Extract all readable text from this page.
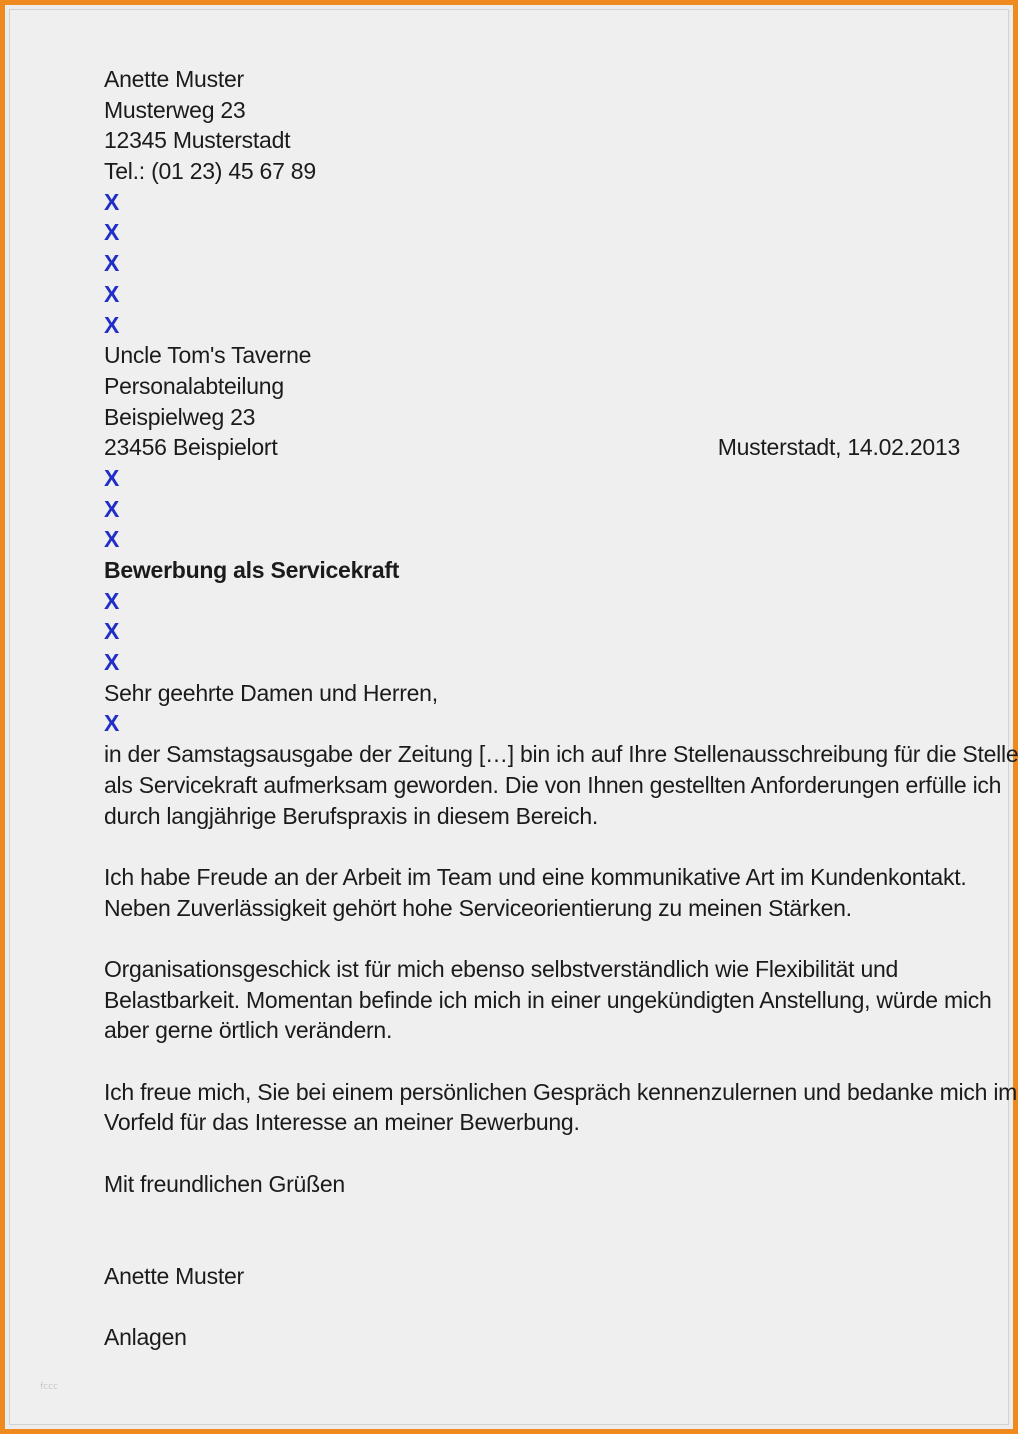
Anette Muster
Musterweg 23
12345 Musterstadt
Tel.: (01 23) 45 67 89
X
X
X
X
X
Uncle Tom's Taverne
Personalabteilung
Beispielweg 23
23456 Beispielort	Musterstadt, 14.02.2013
X
X
X
Bewerbung als Servicekraft
X
X
X
Sehr geehrte Damen und Herren,
X
in der Samstagsausgabe der Zeitung […] bin ich auf Ihre Stellenausschreibung für die Stelle
als Servicekraft aufmerksam geworden. Die von Ihnen gestellten Anforderungen erfülle ich
durch langjährige Berufspraxis in diesem Bereich.
Ich habe Freude an der Arbeit im Team und eine kommunikative Art im Kundenkontakt.
Neben Zuverlässigkeit gehört hohe Serviceorientierung zu meinen Stärken.
Organisationsgeschick ist für mich ebenso selbstverständlich wie Flexibilität und
Belastbarkeit. Momentan befinde ich mich in einer ungekündigten Anstellung, würde mich
aber gerne örtlich verändern.
Ich freue mich, Sie bei einem persönlichen Gespräch kennenzulernen und bedanke mich im
Vorfeld für das Interesse an meiner Bewerbung.
Mit freundlichen Grüßen
Anette Muster
Anlagen
fccc
